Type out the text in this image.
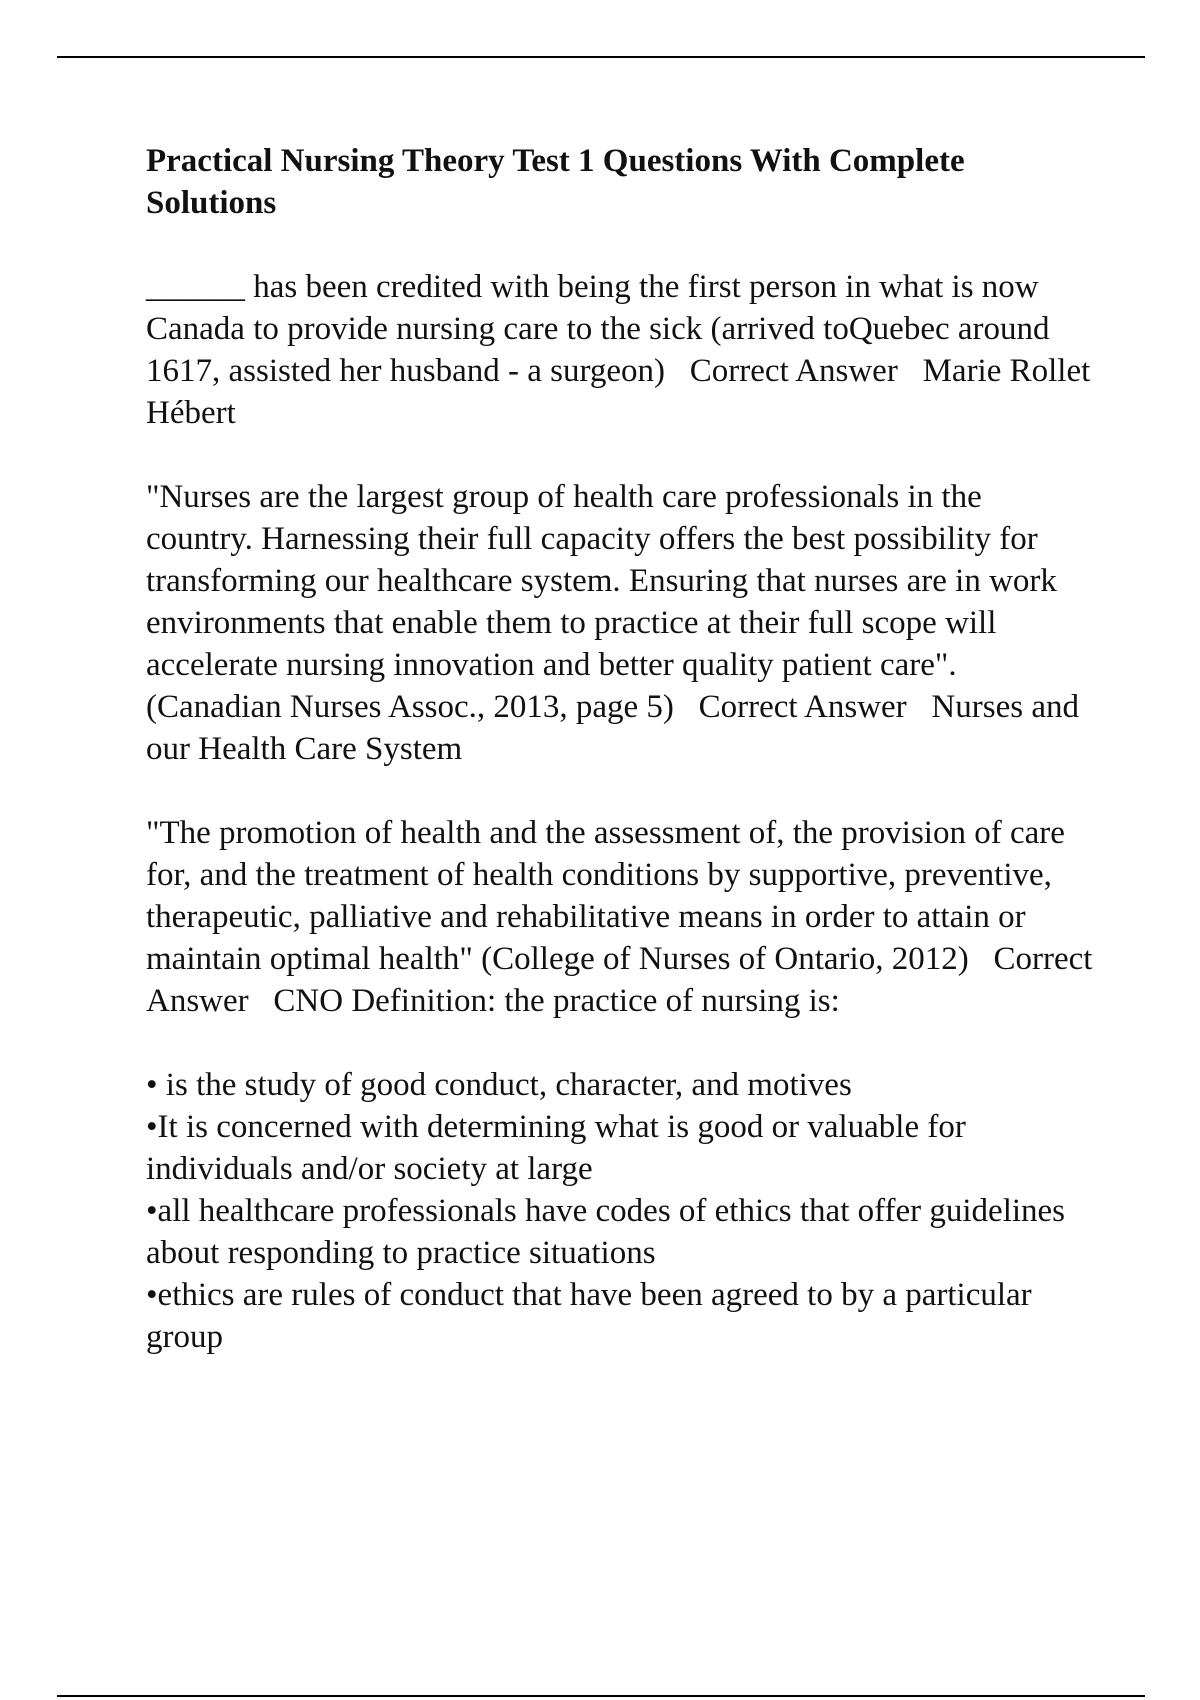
Practical Nursing Theory Test 1 Questions With Complete Solutions
______ has been credited with being the first person in what is now Canada to provide nursing care to the sick (arrived toQuebec around 1617, assisted her husband - a surgeon)   Correct Answer   Marie Rollet Hébert
"Nurses are the largest group of health care professionals in the country. Harnessing their full capacity offers the best possibility for transforming our healthcare system. Ensuring that nurses are in work environments that enable them to practice at their full scope will accelerate nursing innovation and better quality patient care". (Canadian Nurses Assoc., 2013, page 5)   Correct Answer   Nurses and our Health Care System
"The promotion of health and the assessment of, the provision of care for, and the treatment of health conditions by supportive, preventive, therapeutic, palliative and rehabilitative means in order to attain or maintain optimal health" (College of Nurses of Ontario, 2012)   Correct Answer   CNO Definition: the practice of nursing is:
• is the study of good conduct, character, and motives
•It is concerned with determining what is good or valuable for individuals and/or society at large
•all healthcare professionals have codes of ethics that offer guidelines about responding to practice situations
•ethics are rules of conduct that have been agreed to by a particular group
